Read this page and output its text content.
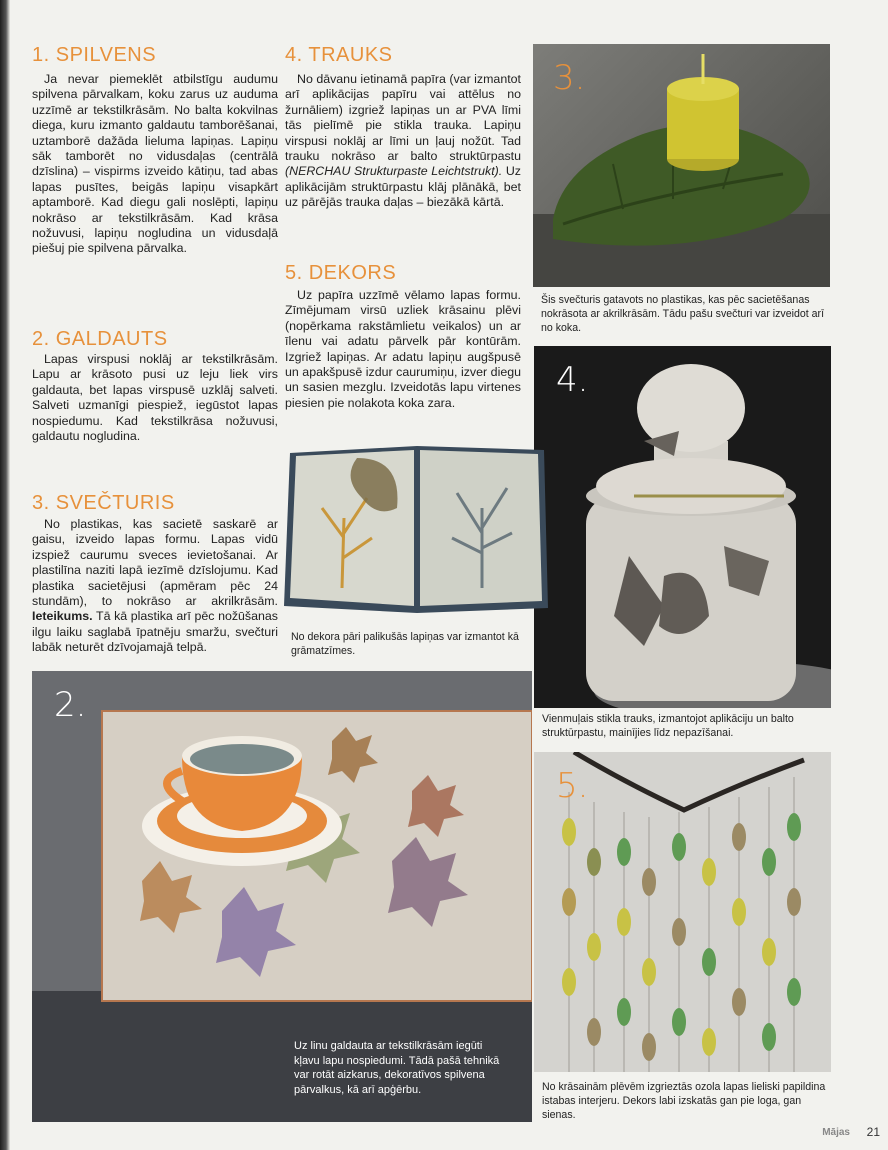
1. SPILVENS

Ja nevar piemeklēt atbilstīgu audumu spilvena pārvalkam, koku zarus uz auduma uzzīmē ar tekstilkrāsām. No balta kokvilnas diega, kuru izmanto galdautu tamborēšanai, uztamborē dažāda lieluma lapiņas. Lapiņu sāk tamborēt no vidusdaļas (centrālā dzīslina) – vispirms izveido kātiņu, tad abas lapas pusītes, beigās lapiņu visapkārt aptamborē. Kad diegu gali noslēpti, lapiņu nokrāso ar tekstilkrāsām. Kad krāsa nožuvusi, lapiņu nogludina un vidusdaļā piešuj pie spilvena pārvalka.

2. GALDAUTS

Lapas virspusi noklāj ar tekstilkrāsām. Lapu ar krāsoto pusi uz leju liek virs galdauta, bet lapas virspusē uzklāj salveti. Salveti uzmanīgi piespiež, iegūstot lapas nospiedumu. Kad tekstilkrāsa nožuvusi, galdautu nogludina.

3. SVEČTURIS

No plastikas, kas sacietē saskarē ar gaisu, izveido lapas formu. Lapas vidū izspiež caurumu sveces ievietošanai. Ar plastilīna naziti lapā iezīmē dzīslojumu. Kad plastika sacietējusi (apmēram pēc 24 stundām), to nokrāso ar akrilkrāsām. Ieteikums. Tā kā plastika arī pēc nožūšanas ilgu laiku saglabā īpatnēju smaržu, svečturi labāk neturēt dzīvojamajā telpā.

4. TRAUKS

No dāvanu ietinamā papīra (var izmantot arī aplikācijas papīru vai attēlus no žurnāliem) izgriež lapiņas un ar PVA līmi tās pielīmē pie stikla trauka. Lapiņu virspusi noklāj ar līmi un ļauj nožūt. Tad trauku nokrāso ar balto struktūrpastu (NERCHAU Strukturpaste Leichtstrukt). Uz aplikācijām struktūrpastu klāj plānākā, bet uz pārējās trauka daļas – biezākā kārtā.

5. DEKORS

Uz papīra uzzīmē vēlamo lapas formu. Zīmējumam virsū uzliek krāsainu plēvi (nopērkama rakstāmlietu veikalos) un ar īlenu vai adatu pārvelk pār kontūrām. Izgriež lapiņas. Ar adatu lapiņu augšpusē un apakšpusē izdur caurumiņu, izver diegu un sasien mezglu. Izveidotās lapu virtenes piesien pie nolakota koka zara.

3.

Šis svečturis gatavots no plastikas, kas pēc sacietēšanas nokrāsota ar akrilkrāsām. Tādu pašu svečturi var izveidot arī no koka.

4.

Vienmuļais stikla trauks, izmantojot aplikāciju un balto struktūrpastu, mainījies līdz nepazīšanai.

No dekora pāri palikušās lapiņas var izmantot kā grāmatzīmes.

2.

Uz linu galdauta ar tekstilkrāsām iegūti kļavu lapu nospiedumi. Tādā pašā tehnikā var rotāt aizkarus, dekoratīvos spilvena pārvalkus, kā arī apģērbu.

5.

No krāsainām plēvēm izgrieztās ozola lapas lieliski papildina istabas interjeru. Dekors labi izskatās gan pie loga, gan sienas.

Mājas 21
